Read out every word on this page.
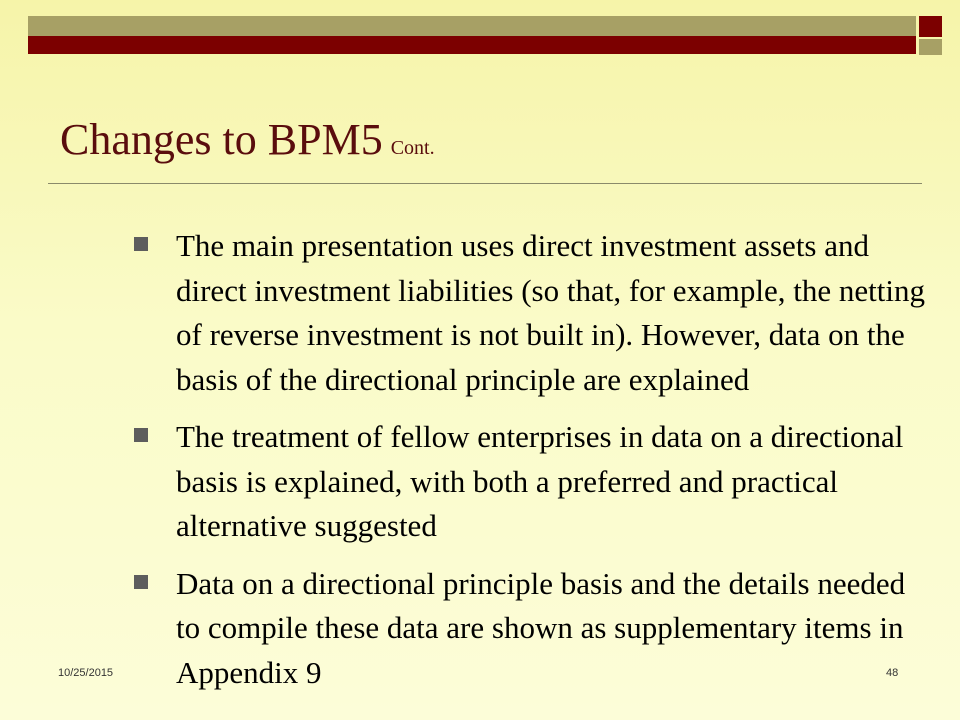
Changes to BPM5 Cont.
The main presentation uses direct investment assets and direct investment liabilities (so that, for example, the netting of reverse investment is not built in). However, data on the basis of the directional principle are explained
The treatment of fellow enterprises in data on a directional basis is explained, with both a preferred and practical alternative suggested
Data on a directional principle basis and the details needed to compile these data are shown as supplementary items in Appendix 9
10/25/2015	48
